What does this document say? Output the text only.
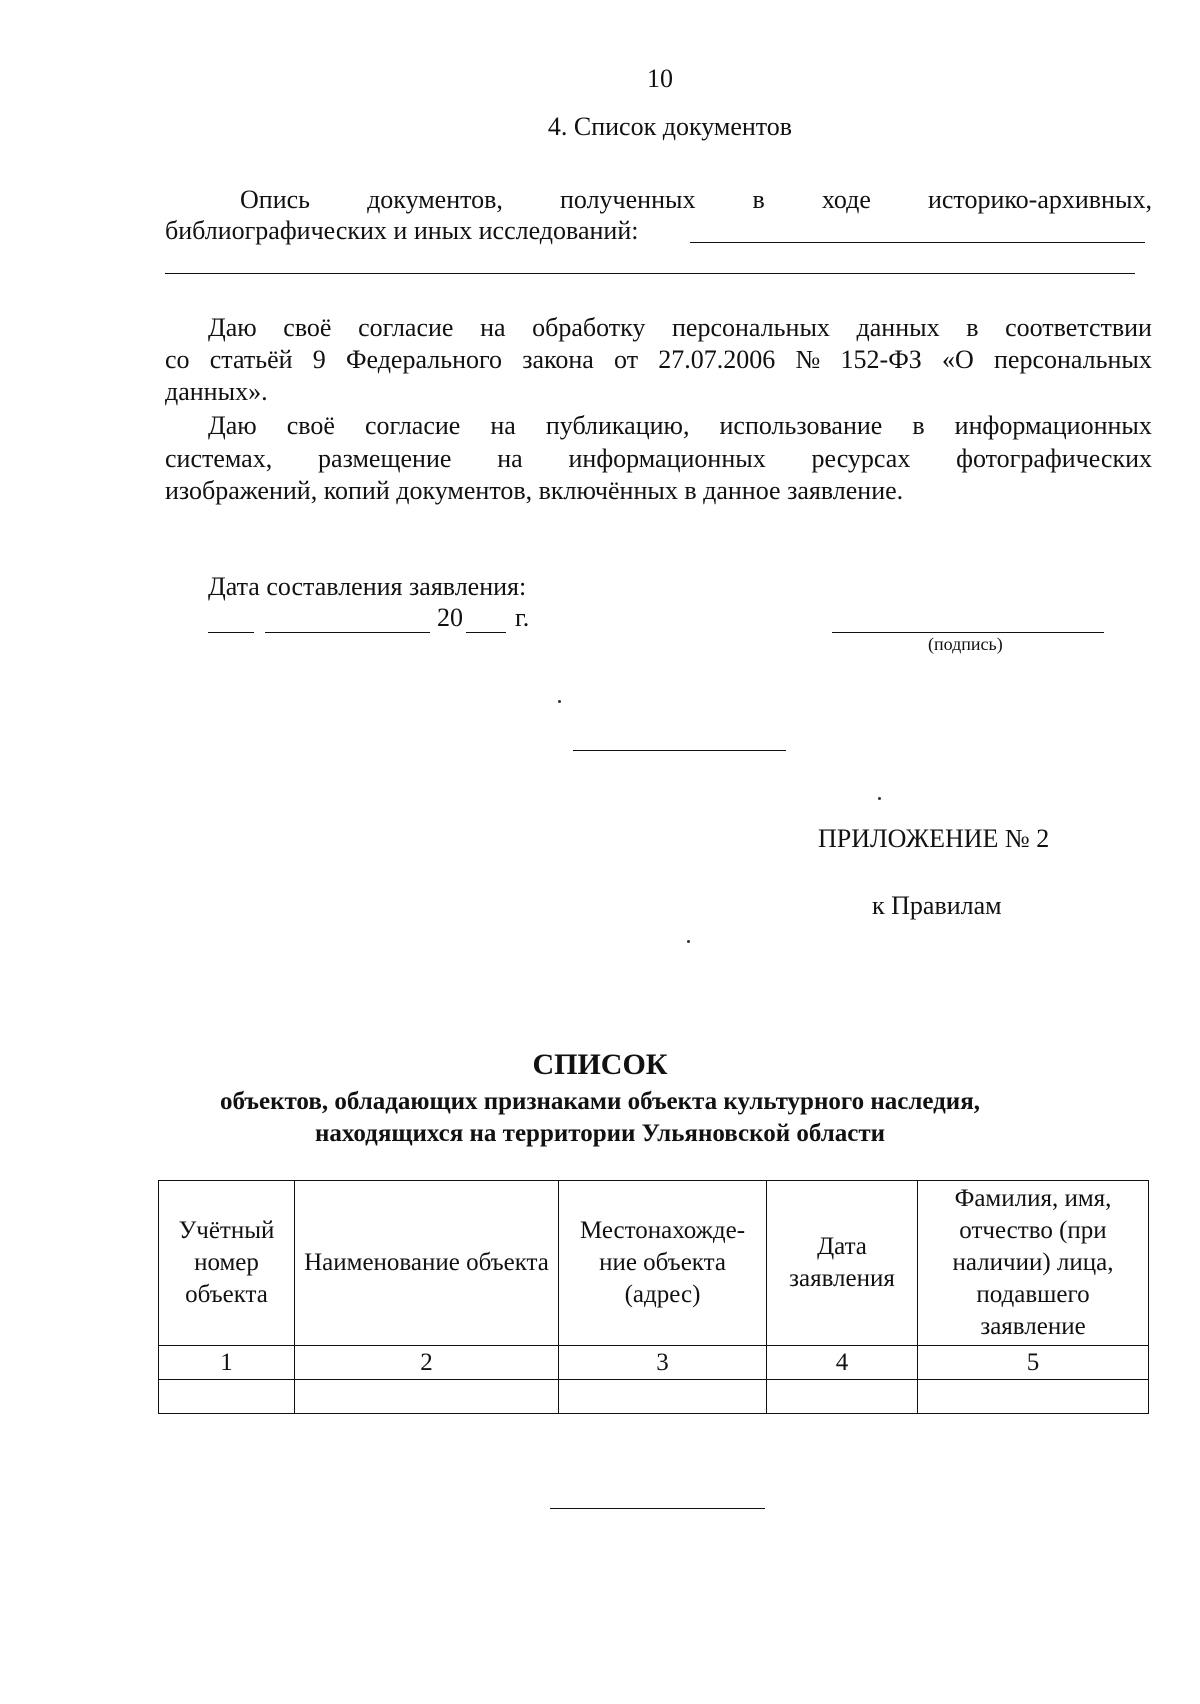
10
4. Список документов
Опись документов, полученных в ходе историко-архивных,
библиографических и иных исследований:
Даю своё согласие на обработку персональных данных в соответствии
со статьёй 9 Федерального закона от 27.07.2006 № 152-ФЗ «О персональных
данных».
Даю своё согласие на публикацию, использование в информационных
системах, размещение на информационных ресурсах фотографических
изображений, копий документов, включённых в данное заявление.
Дата составления заявления:
20 г.
(подпись)
ПРИЛОЖЕНИЕ № 2
к Правилам
СПИСОК
объектов, обладающих признаками объекта культурного наследия,
находящихся на территории Ульяновской области
Учётный номер объекта	Наименование объекта	Местонахожде-ние объекта (адрес)	Дата заявления	Фамилия, имя, отчество (при наличии) лица, подавшего заявление
1	2	3	4	5
